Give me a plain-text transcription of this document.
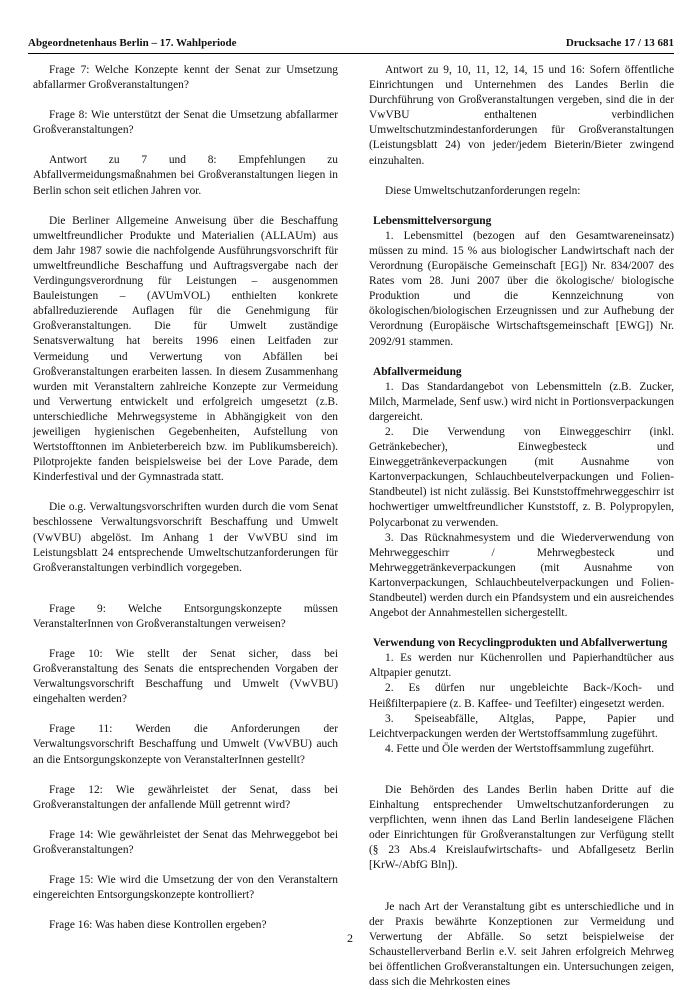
Abgeordnetenhaus Berlin – 17. Wahlperiode	Drucksache 17 / 13 681

Frage 7: Welche Konzepte kennt der Senat zur Umsetzung abfallarmer Großveranstaltungen?

Frage 8: Wie unterstützt der Senat die Umsetzung abfallarmer Großveranstaltungen?

Antwort zu 7 und 8: Empfehlungen zu Abfallvermeidungsmaßnahmen bei Großveranstaltungen liegen in Berlin schon seit etlichen Jahren vor.

Die Berliner Allgemeine Anweisung über die Beschaffung umweltfreundlicher Produkte und Materialien (ALLAUm) aus dem Jahr 1987 sowie die nachfolgende Ausführungsvorschrift für umweltfreundliche Beschaffung und Auftragsvergabe nach der Verdingungsverordnung für Leistungen – ausgenommen Bauleistungen – (AVUmVOL) enthielten konkrete abfallreduzierende Auflagen für die Genehmigung für Großveranstaltungen. Die für Umwelt zuständige Senatsverwaltung hat bereits 1996 einen Leitfaden zur Vermeidung und Verwertung von Abfällen bei Großveranstaltungen erarbeiten lassen. In diesem Zusammenhang wurden mit Veranstaltern zahlreiche Konzepte zur Vermeidung und Verwertung entwickelt und erfolgreich umgesetzt (z.B. unterschiedliche Mehrwegsysteme in Abhängigkeit von den jeweiligen hygienischen Gegebenheiten, Aufstellung von Wertstofftonnen im Anbieterbereich bzw. im Publikumsbereich). Pilotprojekte fanden beispielsweise bei der Love Parade, dem Kinderfestival und der Gymnastrada statt.

Die o.g. Verwaltungsvorschriften wurden durch die vom Senat beschlossene Verwaltungsvorschrift Beschaffung und Umwelt (VwVBU) abgelöst. Im Anhang 1 der VwVBU sind im Leistungsblatt 24 entsprechende Umweltschutzanforderungen für Großveranstaltungen verbindlich vorgegeben.

Frage 9: Welche Entsorgungskonzepte müssen VeranstalterInnen von Großveranstaltungen verweisen?

Frage 10: Wie stellt der Senat sicher, dass bei Großveranstaltung des Senats die entsprechenden Vorgaben der Verwaltungsvorschrift Beschaffung und Umwelt (VwVBU) eingehalten werden?

Frage 11: Werden die Anforderungen der Verwaltungsvorschrift Beschaffung und Umwelt (VwVBU) auch an die Entsorgungskonzepte von VeranstalterInnen gestellt?

Frage 12: Wie gewährleistet der Senat, dass bei Großveranstaltungen der anfallende Müll getrennt wird?

Frage 14: Wie gewährleistet der Senat das Mehrweggebot bei Großveranstaltungen?

Frage 15: Wie wird die Umsetzung der von den Veranstaltern eingereichten Entsorgungskonzepte kontrolliert?

Frage 16: Was haben diese Kontrollen ergeben?

Antwort zu 9, 10, 11, 12, 14, 15 und 16: Sofern öffentliche Einrichtungen und Unternehmen des Landes Berlin die Durchführung von Großveranstaltungen vergeben, sind die in der VwVBU enthaltenen verbindlichen Umweltschutzmindestanforderungen für Großveranstaltungen (Leistungsblatt 24) von jeder/jedem Bieterin/Bieter zwingend einzuhalten.

Diese Umweltschutzanforderungen regeln:

Lebensmittelversorgung

1. Lebensmittel (bezogen auf den Gesamtwareneinsatz) müssen zu mind. 15 % aus biologischer Landwirtschaft nach der Verordnung (Europäische Gemeinschaft [EG]) Nr. 834/2007 des Rates vom 28. Juni 2007 über die ökologische/ biologische Produktion und die Kennzeichnung von ökologischen/biologischen Erzeugnissen und zur Aufhebung der Verordnung (Europäische Wirtschaftsgemeinschaft [EWG]) Nr. 2092/91 stammen.

Abfallvermeidung

1. Das Standardangebot von Lebensmitteln (z.B. Zucker, Milch, Marmelade, Senf usw.) wird nicht in Portionsverpackungen dargereicht.

2. Die Verwendung von Einweggeschirr (inkl. Getränkebecher), Einwegbesteck und Einweggetränkeverpackungen (mit Ausnahme von Kartonverpackungen, Schlauchbeutelverpackungen und Folien-Standbeutel) ist nicht zulässig. Bei Kunststoffmehrweggeschirr ist hochwertiger umweltfreundlicher Kunststoff, z. B. Polypropylen, Polycarbonat zu verwenden.

3. Das Rücknahmesystem und die Wiederverwendung von Mehrweggeschirr / Mehrwegbesteck und Mehrweggetränkeverpackungen (mit Ausnahme von Kartonverpackungen, Schlauchbeutelverpackungen und Folien-Standbeutel) werden durch ein Pfandsystem und ein ausreichendes Angebot der Annahmestellen sichergestellt.

Verwendung von Recyclingprodukten und Abfallverwertung

1. Es werden nur Küchenrollen und Papierhandtücher aus Altpapier genutzt.

2. Es dürfen nur ungebleichte Back-/Koch- und Heißfilterpapiere (z. B. Kaffee- und Teefilter) eingesetzt werden.

3. Speiseabfälle, Altglas, Pappe, Papier und Leichtverpackungen werden der Wertstoffsammlung zugeführt.

4. Fette und Öle werden der Wertstoffsammlung zugeführt.

Die Behörden des Landes Berlin haben Dritte auf die Einhaltung entsprechender Umweltschutzanforderungen zu verpflichten, wenn ihnen das Land Berlin landeseigene Flächen oder Einrichtungen für Großveranstaltungen zur Verfügung stellt (§ 23 Abs.4 Kreislaufwirtschafts- und Abfallgesetz Berlin [KrW-/AbfG Bln]).

Je nach Art der Veranstaltung gibt es unterschiedliche und in der Praxis bewährte Konzeptionen zur Vermeidung und Verwertung der Abfälle. So setzt beispielweise der Schaustellerverband Berlin e.V. seit Jahren erfolgreich Mehrweg bei öffentlichen Großveranstaltungen ein. Untersuchungen zeigen, dass sich die Mehrkosten eines

2
